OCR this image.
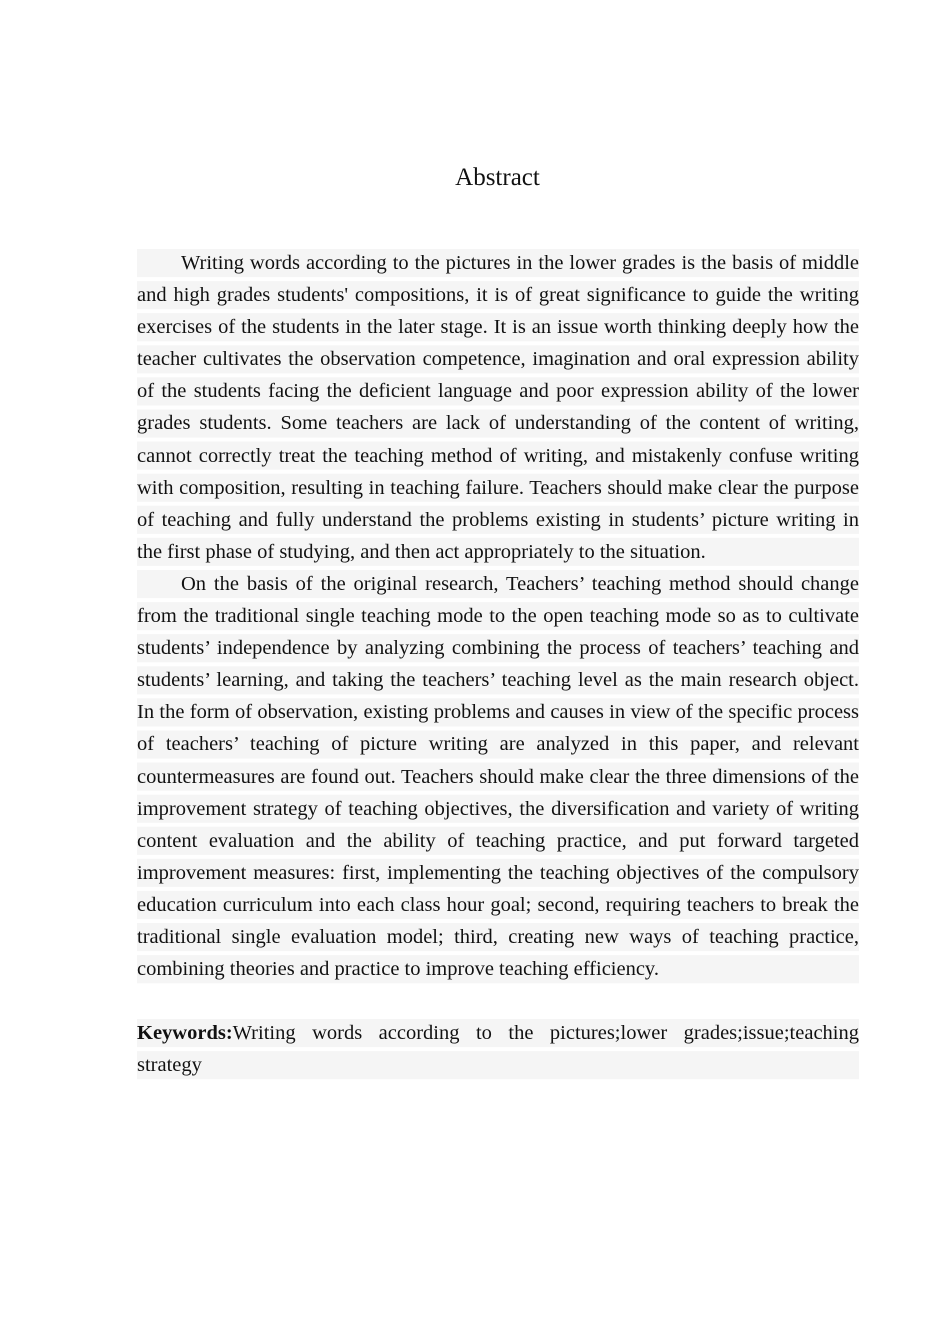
Abstract

Writing words according to the pictures in the lower grades is the basis of middle and high grades students' compositions, it is of great significance to guide the writing exercises of the students in the later stage. It is an issue worth thinking deeply how the teacher cultivates the observation competence, imagination and oral expression ability of the students facing the deficient language and poor expression ability of the lower grades students. Some teachers are lack of understanding of the content of writing, cannot correctly treat the teaching method of writing, and mistakenly confuse writing with composition, resulting in teaching failure. Teachers should make clear the purpose of teaching and fully understand the problems existing in students’ picture writing in the first phase of studying, and then act appropriately to the situation.

On the basis of the original research, Teachers’ teaching method should change from the traditional single teaching mode to the open teaching mode so as to cultivate students’ independence by analyzing combining the process of teachers’ teaching and students’ learning, and taking the teachers’ teaching level as the main research object. In the form of observation, existing problems and causes in view of the specific process of teachers’ teaching of picture writing are analyzed in this paper, and relevant countermeasures are found out. Teachers should make clear the three dimensions of the improvement strategy of teaching objectives, the diversification and variety of writing content evaluation and the ability of teaching practice, and put forward targeted improvement measures: first, implementing the teaching objectives of the compulsory education curriculum into each class hour goal; second, requiring teachers to break the traditional single evaluation model; third, creating new ways of teaching practice, combining theories and practice to improve teaching efficiency.

Keywords:Writing words according to the pictures;lower grades;issue;teaching strategy
